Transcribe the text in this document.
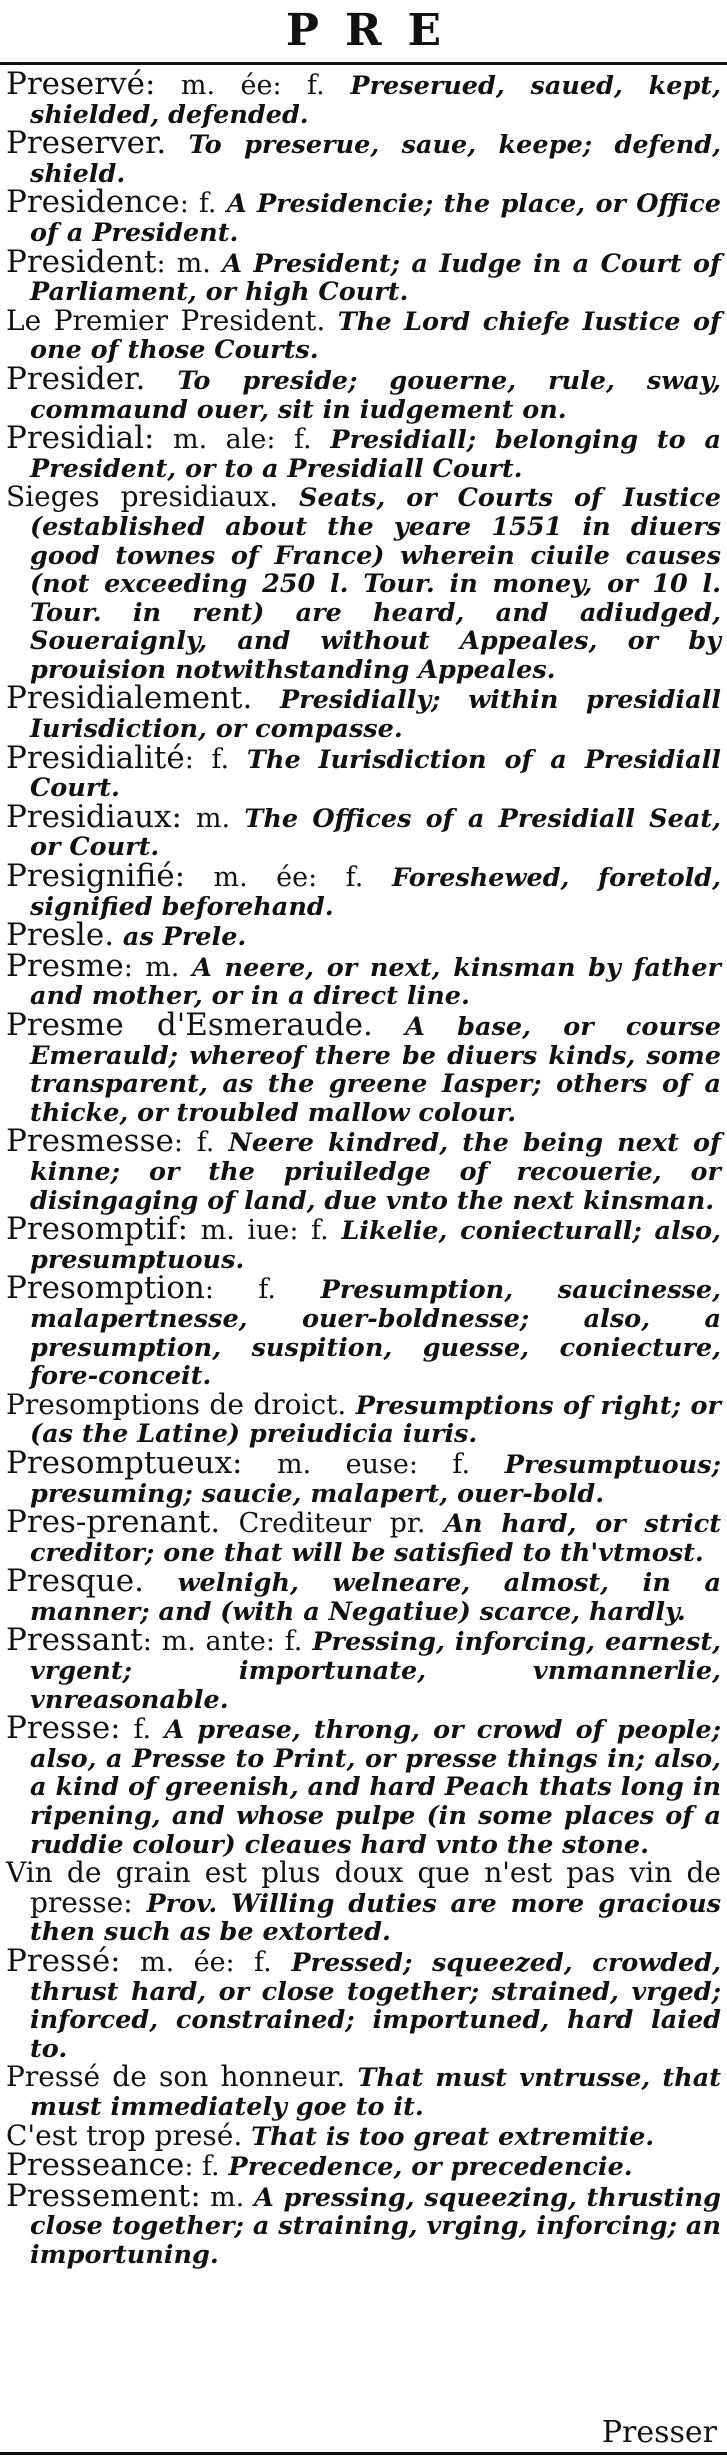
PRE

Preservé: m. ée: f. Preserued, saued, kept, shielded, defended.

Preserver. To preserue, saue, keepe; defend, shield.

Presidence: f. A Presidencie; the place, or Office of a President.

President: m. A President; a Iudge in a Court of Parliament, or high Court.

Le Premier President. The Lord chiefe Iustice of one of those Courts.

Presider. To preside; gouerne, rule, sway, commaund ouer, sit in iudgement on.

Presidial: m. ale: f. Presidiall; belonging to a President, or to a Presidiall Court.

Sieges presidiaux. Seats, or Courts of Iustice (established about the yeare 1551 in diuers good townes of France) wherein ciuile causes (not exceeding 250 l. Tour. in money, or 10 l. Tour. in rent) are heard, and adiudged, Soueraignly, and without Appeales, or by prouision notwithstanding Appeales.

Presidialement. Presidially; within presidiall Iurisdiction, or compasse.

Presidialité: f. The Iurisdiction of a Presidiall Court.

Presidiaux: m. The Offices of a Presidiall Seat, or Court.

Presignifié: m. ée: f. Foreshewed, foretold, signified beforehand.

Presle. as Prele.

Presme: m. A neere, or next, kinsman by father and mother, or in a direct line.

Presme d'Esmeraude. A base, or course Emerauld; whereof there be diuers kinds, some transparent, as the greene Iasper; others of a thicke, or troubled mallow colour.

Presmesse: f. Neere kindred, the being next of kinne; or the priuiledge of recouerie, or disingaging of land, due vnto the next kinsman.

Presomptif: m. iue: f. Likelie, coniecturall; also, presumptuous.

Presomption: f. Presumption, saucinesse, malapertnesse, ouer-boldnesse; also, a presumption, suspition, guesse, coniecture, fore-conceit.

Presomptions de droict. Presumptions of right; or (as the Latine) preiudicia iuris.

Presomptueux: m. euse: f. Presumptuous; presuming; saucie, malapert, ouer-bold.

Pres-prenant. Crediteur pr. An hard, or strict creditor; one that will be satisfied to th'vtmost.

Presque. welnigh, welneare, almost, in a manner; and (with a Negatiue) scarce, hardly.

Pressant: m. ante: f. Pressing, inforcing, earnest, vrgent; importunate, vnmannerlie, vnreasonable.

Presse: f. A prease, throng, or crowd of people; also, a Presse to Print, or presse things in; also, a kind of greenish, and hard Peach thats long in ripening, and whose pulpe (in some places of a ruddie colour) cleaues hard vnto the stone.

Vin de grain est plus doux que n'est pas vin de presse: Prov. Willing duties are more gracious then such as be extorted.

Pressé: m. ée: f. Pressed; squeezed, crowded, thrust hard, or close together; strained, vrged; inforced, constrained; importuned, hard laied to.

Pressé de son honneur. That must vntrusse, that must immediately goe to it.

C'est trop presé. That is too great extremitie.

Presseance: f. Precedence, or precedencie.

Pressement: m. A pressing, squeezing, thrusting close together; a straining, vrging, inforcing; an importuning.

Presser
